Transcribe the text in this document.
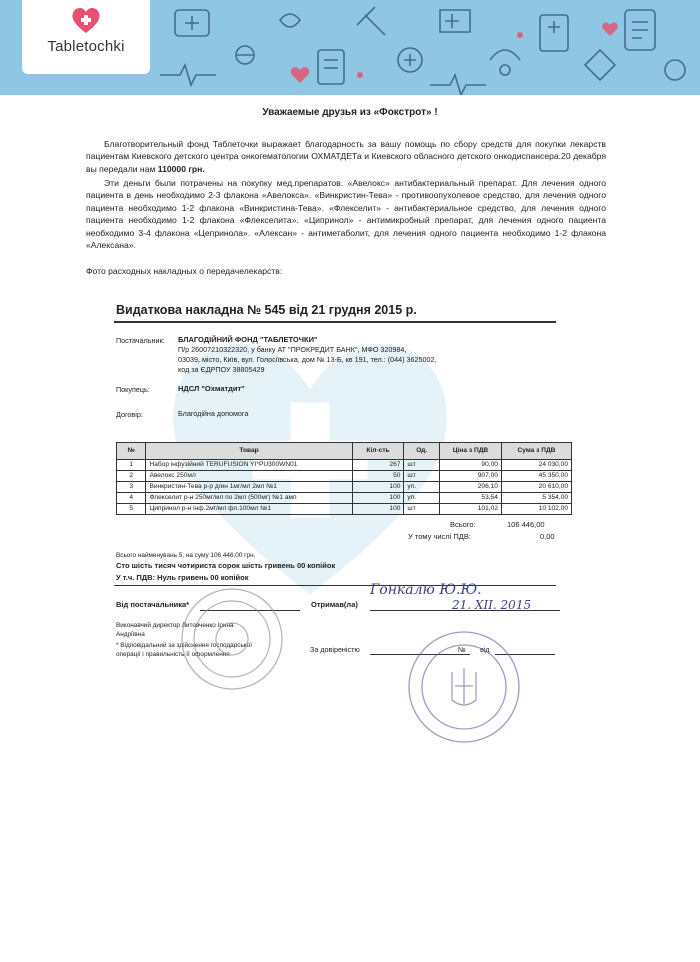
Tabletochki
Уважаемые друзья из «Фокстрот» !

Благотворительный фонд Таблеточки выражает благодарность за вашу помощь по сбору средств для покупки лекарств пациентам Киевского детского центра онкогематологии ОХМАТДЕТа и Киевского обласного детского онкодиспансера.20 декабря вы передали нам 110000 грн.

Эти деньги были потрачены на покупку мед.препаратов. «Авелокс» антибактериальный препарат. Для лечения одного пациента в день необходимо 2-3 флакона «Авелокса». «Винкристин-Тева» - противоопухолевое средство, для лечения одного пациента необходимо 1-2 флакона «Винкристина-Тева». «Флекселит» - антибактериальное средство, для лечения одного пациента необходимо 1-2 флакона «Флекселита». «Ципринол» - антимикробный препарат, для лечения одного пациента необходимо 3-4 флакона «Цепринола». «Алексан» - антиметаболит, для лечения одного пациента необходимо 1-2 флакона «Алексана».

Фото расходных накладных о передачелекарств:

Видаткова накладна № 545 від 21 грудня 2015 р.
Постачальник: БЛАГОДІЙНИЙ ФОНД "ТАБЛЕТОЧКИ"
П/р 26007210322320, у банку АТ "ПРОКРЕДИТ БАНК", МФО 320984,
03039, місто, Київ, вул. Голосіївська, дом № 13-Б, кв 191, тел.: (044) 3625002,
код за ЄДРПОУ 38805429
Покупець:	НДСЛ "Охматдит"
Договір:	Благодійна допомога
№	Товар	Кіл-сть	Од.	Ціна з ПДВ	Сума з ПДВ
1	Набор інфузійний TERUFUSION YI*PU300WN01	267	шт	90,00	24 030,00
2	Авелокс 250мл	50	шт	907,00	45 350,00
3	Винкристин-Тева р-р д/ин 1мг/мл 2мл №1	100	уп.	206,10	20 610,00
4	Флекселит р-н 250мг/мл по 2мл (500мг) №1 амп	100	уп.	53,54	5 354,00
5	Ципринол р-н інф.2мг/мл фл.100мл №1	100	шт	101,02	10 102,00
Всього:	106 446,00
У тому числі ПДВ:	0,00
Всього найменувань 5, на суму 106 446,00 грн.
Сто шість тисяч чотириста сорок шість гривень 00 копійок
У т.ч. ПДВ: Нуль гривень 00 копійок
Від постачальника*	Отримав(ла)
Виконавчий директор Литовченко Ірина
Андріївна
* Відповідальний за здійснення господарської
операції і правильність її оформлення
За довіреністю	№ від
Гонкалю Ю.Ю.
21. XII. 2015
